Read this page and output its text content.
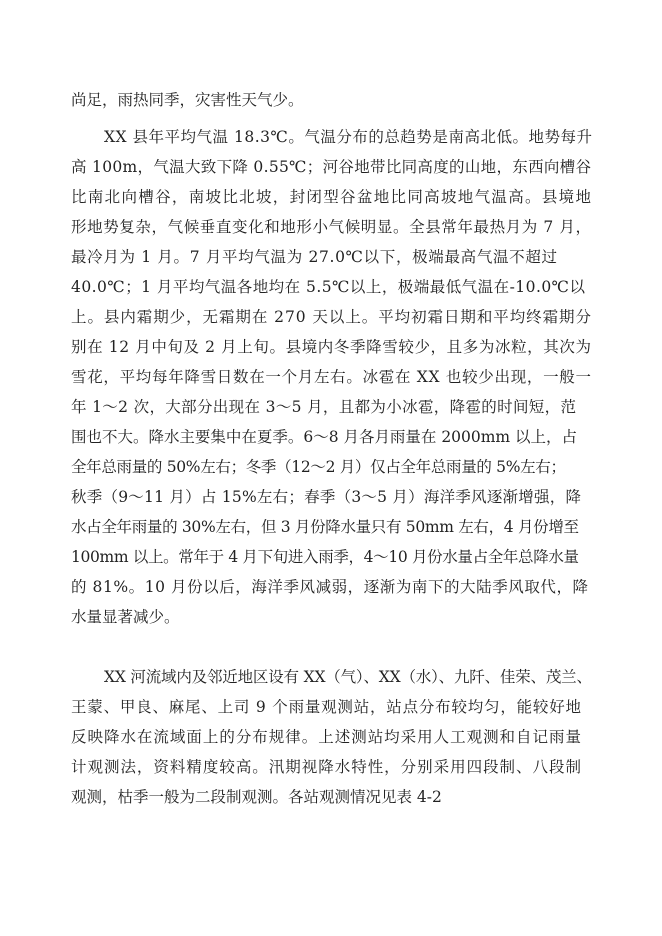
尚足，雨热同季，灾害性天气少。
XX 县年平均气温 18.3℃。气温分布的总趋势是南高北低。地势每升
高 100m，气温大致下降 0.55℃；河谷地带比同高度的山地，东西向槽谷
比南北向槽谷，南坡比北坡，封闭型谷盆地比同高坡地气温高。县境地
形地势复杂，气候垂直变化和地形小气候明显。全县常年最热月为 7 月，
最冷月为 1 月。7 月平均气温为 27.0℃以下，极端最高气温不超过
40.0℃；1 月平均气温各地均在 5.5℃以上，极端最低气温在-10.0℃以
上。县内霜期少，无霜期在 270 天以上。平均初霜日期和平均终霜期分
别在 12 月中旬及 2 月上旬。县境内冬季降雪较少，且多为冰粒，其次为
雪花，平均每年降雪日数在一个月左右。冰雹在 XX 也较少出现，一般一
年 1～2 次，大部分出现在 3～5 月，且都为小冰雹，降雹的时间短，范
围也不大。降水主要集中在夏季。6～8 月各月雨量在 2000mm 以上，占
全年总雨量的 50%左右；冬季（12～2 月）仅占全年总雨量的 5%左右；
秋季（9～11 月）占 15%左右；春季（3～5 月）海洋季风逐渐增强，降
水占全年雨量的 30%左右，但 3 月份降水量只有 50mm 左右，4 月份增至
100mm 以上。常年于 4 月下旬进入雨季，4～10 月份水量占全年总降水量
的 81%。10 月份以后，海洋季风减弱，逐渐为南下的大陆季风取代，降
水量显著减少。
XX 河流域内及邻近地区设有 XX（气）、XX（水）、九阡、佳荣、茂兰、
王蒙、甲良、麻尾、上司 9 个雨量观测站，站点分布较均匀，能较好地
反映降水在流域面上的分布规律。上述测站均采用人工观测和自记雨量
计观测法，资料精度较高。汛期视降水特性，分别采用四段制、八段制
观测，枯季一般为二段制观测。各站观测情况见表 4-2
